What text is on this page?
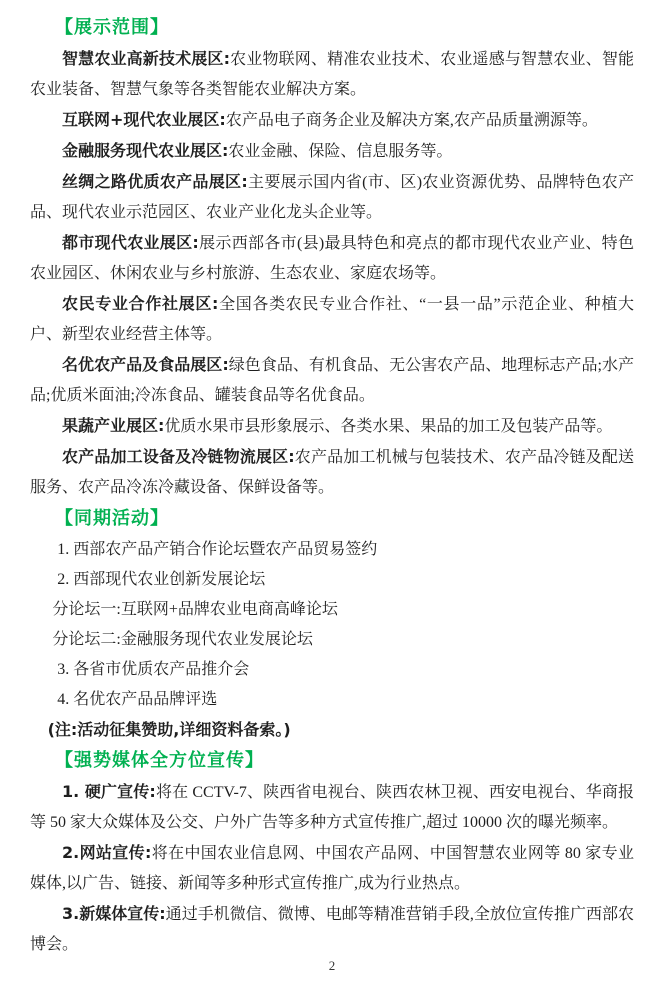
【展示范围】

智慧农业高新技术展区:农业物联网、精准农业技术、农业遥感与智慧农业、智能农业装备、智慧气象等各类智能农业解决方案。

互联网+现代农业展区:农产品电子商务企业及解决方案,农产品质量溯源等。

金融服务现代农业展区:农业金融、保险、信息服务等。

丝绸之路优质农产品展区:主要展示国内省(市、区)农业资源优势、品牌特色农产品、现代农业示范园区、农业产业化龙头企业等。

都市现代农业展区:展示西部各市(县)最具特色和亮点的都市现代农业产业、特色农业园区、休闲农业与乡村旅游、生态农业、家庭农场等。

农民专业合作社展区:全国各类农民专业合作社、“一县一品”示范企业、种植大户、新型农业经营主体等。

名优农产品及食品展区:绿色食品、有机食品、无公害农产品、地理标志产品;水产品;优质米面油;冷冻食品、罐装食品等名优食品。

果蔬产业展区:优质水果市县形象展示、各类水果、果品的加工及包装产品等。

农产品加工设备及冷链物流展区:农产品加工机械与包装技术、农产品冷链及配送服务、农产品冷冻冷藏设备、保鲜设备等。

【同期活动】

1. 西部农产品产销合作论坛暨农产品贸易签约

2. 西部现代农业创新发展论坛

分论坛一:互联网+品牌农业电商高峰论坛

分论坛二:金融服务现代农业发展论坛

3. 各省市优质农产品推介会

4. 名优农产品品牌评选

(注:活动征集赞助,详细资料备索。)

【强势媒体全方位宣传】

1. 硬广宣传:将在 CCTV-7、陕西省电视台、陕西农林卫视、西安电视台、华商报等 50 家大众媒体及公交、户外广告等多种方式宣传推广,超过 10000 次的曝光频率。

2.网站宣传:将在中国农业信息网、中国农产品网、中国智慧农业网等 80 家专业媒体,以广告、链接、新闻等多种形式宣传推广,成为行业热点。

3.新媒体宣传:通过手机微信、微博、电邮等精准营销手段,全放位宣传推广西部农博会。

2
